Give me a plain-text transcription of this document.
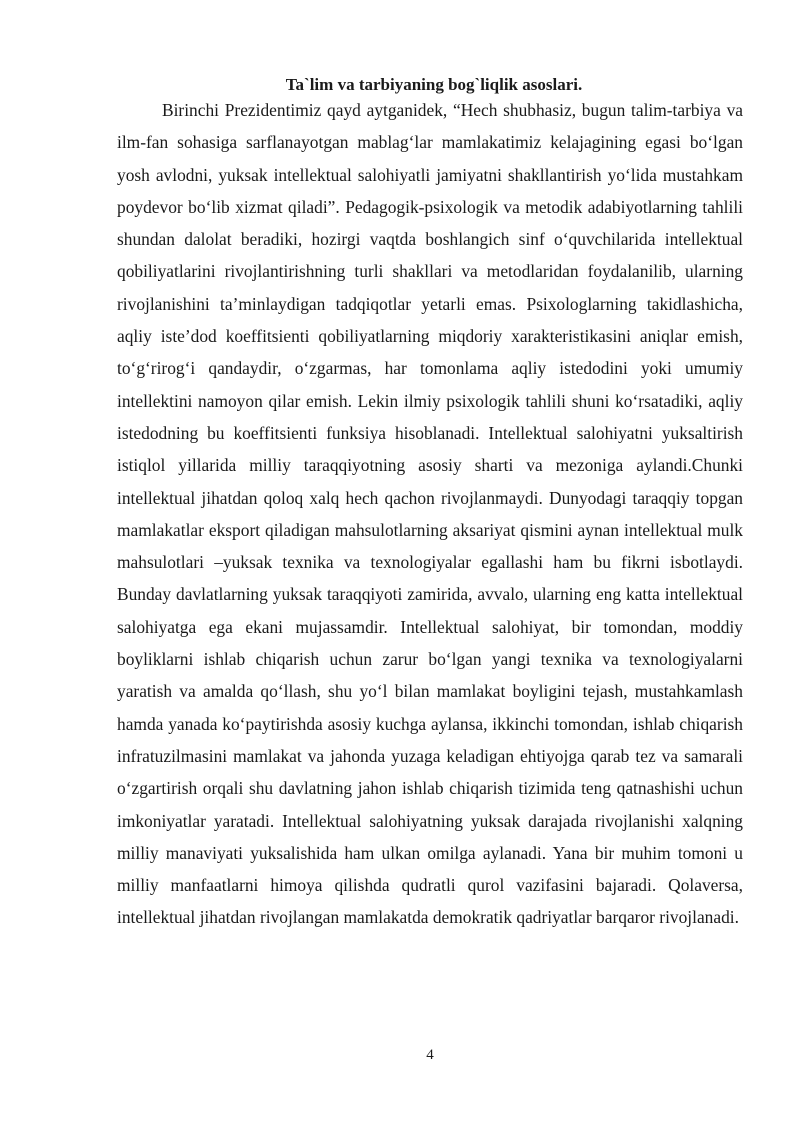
Ta`lim va tarbiyaning bog`liqlik asoslari.

Birinchi Prezidentimiz qayd aytganidek, “Hech shubhasiz, bugun talim-tarbiya va ilm-fan sohasiga sarflanayotgan mablag‘lar mamlakatimiz kelajagining egasi bo‘lgan yosh avlodni, yuksak intellektual salohiyatli jamiyatni shakllantirish yo‘lida mustahkam poydevor bo‘lib xizmat qiladi”. Pedagogik-psixologik va metodik adabiyotlarning tahlili shundan dalolat beradiki, hozirgi vaqtda boshlangich sinf o‘quvchilarida intellektual qobiliyatlarini rivojlantirishning turli shakllari va metodlaridan foydalanilib, ularning rivojlanishini ta’minlaydigan tadqiqotlar yetarli emas. Psixologlarning takidlashicha, aqliy iste’dod koeffitsienti qobiliyatlarning miqdoriy xarakteristikasini aniqlar emish, to‘g‘rirog‘i qandaydir, o‘zgarmas, har tomonlama aqliy istedodini yoki umumiy intellektini namoyon qilar emish. Lekin ilmiy psixologik tahlili shuni ko‘rsatadiki, aqliy istedodning bu koeffitsienti funksiya hisoblanadi. Intellektual salohiyatni yuksaltirish istiqlol yillarida milliy taraqqiyotning asosiy sharti va mezoniga aylandi.Chunki intellektual jihatdan qoloq xalq hech qachon rivojlanmaydi. Dunyodagi taraqqiy topgan mamlakatlar eksport qiladigan mahsulotlarning aksariyat qismini aynan intellektual mulk mahsulotlari –yuksak texnika va texnologiyalar egallashi ham bu fikrni isbotlaydi. Bunday davlatlarning yuksak taraqqiyoti zamirida, avvalo, ularning eng katta intellektual salohiyatga ega ekani mujassamdir. Intellektual salohiyat, bir tomondan, moddiy boyliklarni ishlab chiqarish uchun zarur bo‘lgan yangi texnika va texnologiyalarni yaratish va amalda qo‘llash, shu yo‘l bilan mamlakat boyligini tejash, mustahkamlash hamda yanada ko‘paytirishda asosiy kuchga aylansa, ikkinchi tomondan, ishlab chiqarish infratuzilmasini mamlakat va jahonda yuzaga keladigan ehtiyojga qarab tez va samarali o‘zgartirish orqali shu davlatning jahon ishlab chiqarish tizimida teng qatnashishi uchun imkoniyatlar yaratadi. Intellektual salohiyatning yuksak darajada rivojlanishi xalqning milliy manaviyati yuksalishida ham ulkan omilga aylanadi. Yana bir muhim tomoni u milliy manfaatlarni himoya qilishda qudratli qurol vazifasini bajaradi. Qolaversa, intellektual jihatdan rivojlangan mamlakatda demokratik qadriyatlar barqaror rivojlanadi.

4
